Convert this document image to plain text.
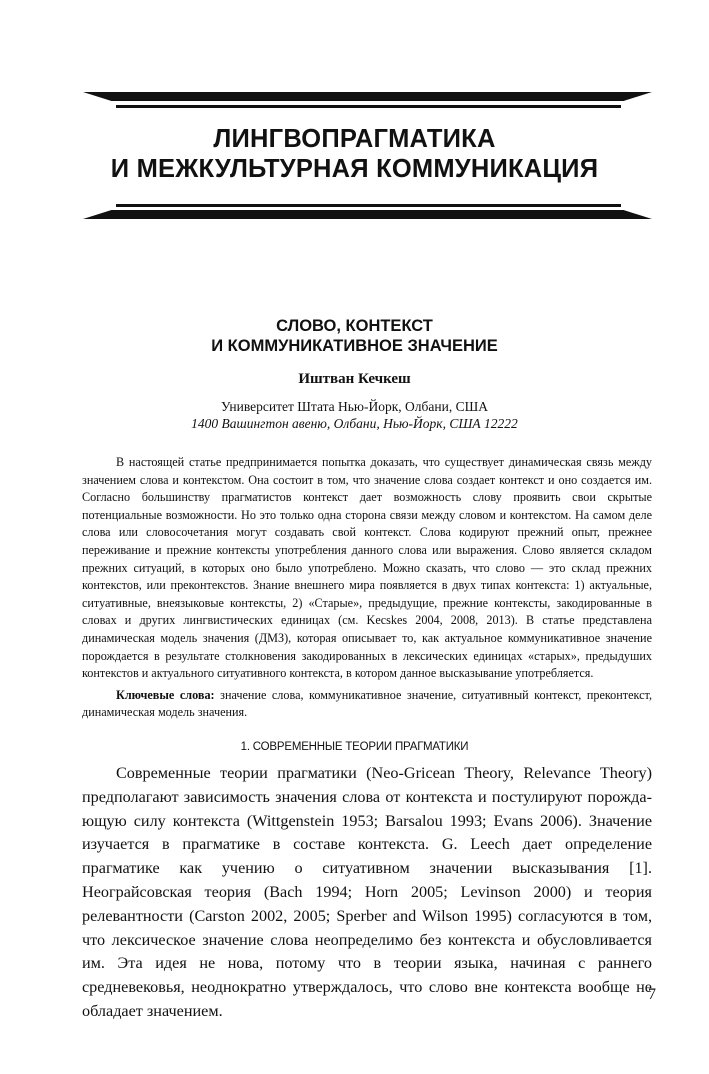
ЛИНГВОПРАГМАТИКА
И МЕЖКУЛЬТУРНАЯ КОММУНИКАЦИЯ
СЛОВО, КОНТЕКСТ
И КОММУНИКАТИВНОЕ ЗНАЧЕНИЕ
Иштван Кечкеш
Университет Штата Нью-Йорк, Олбани, США
1400 Вашингтон авеню, Олбани, Нью-Йорк, США 12222

В настоящей статье предпринимается попытка доказать, что существует динамическая связь между значением слова и контекстом. Она состоит в том, что значение слова создает контекст и оно создается им. Согласно большинству прагматистов контекст дает возможность слову проявить свои скрытые потенциальные возможности. Но это только одна сторона связи между словом и контекстом. На самом деле слова или словосочетания могут создавать свой контекст. Слова кодируют прежний опыт, прежнее переживание и прежние контексты употребления данного слова или выражения. Слово является складом прежних ситуаций, в которых оно было употреблено. Можно сказать, что слово — это склад прежних контекстов, или преконтекстов. Знание внешнего мира появляется в двух типах контекста: 1) актуальные, ситуативные, внеязыковые контексты, 2) «Старые», предыдущие, прежние контексты, закодированные в словах и других лингвистических единицах (см. Kecskes 2004, 2008, 2013). В статье представлена динамическая модель значения (ДМЗ), которая описывает то, как актуальное коммуникативное значение порождается в результате столкновения закодированных в лексических единицах «старых», предыдуших контекстов и актуального ситуативного контекста, в котором данное высказывание употребляется.

Ключевые слова: значение слова, коммуникативное значение, ситуативный контекст, преконтекст, динамическая модель значения.

1. СОВРЕМЕННЫЕ ТЕОРИИ ПРАГМАТИКИ

Современные теории прагматики (Neo-Gricean Theory, Relevance Theory) предполагают зависимость значения слова от контекста и постулируют порождающую силу контекста (Wittgenstein 1953; Barsalou 1993; Evans 2006). Значение изучается в прагматике в составе контекста. G. Leech дает определение прагматике как учению о ситуативном значении высказывания [1]. Неограйсовская теория (Bach 1994; Horn 2005; Levinson 2000) и теория релевантности (Carston 2002, 2005; Sperber and Wilson 1995) согласуются в том, что лексическое значение слова неопределимо без контекста и обусловливается им. Эта идея не нова, потому что в теории языка, начиная с раннего средневековья, неоднократно утверждалось, что слово вне контекста вообще не обладает значением.

7
